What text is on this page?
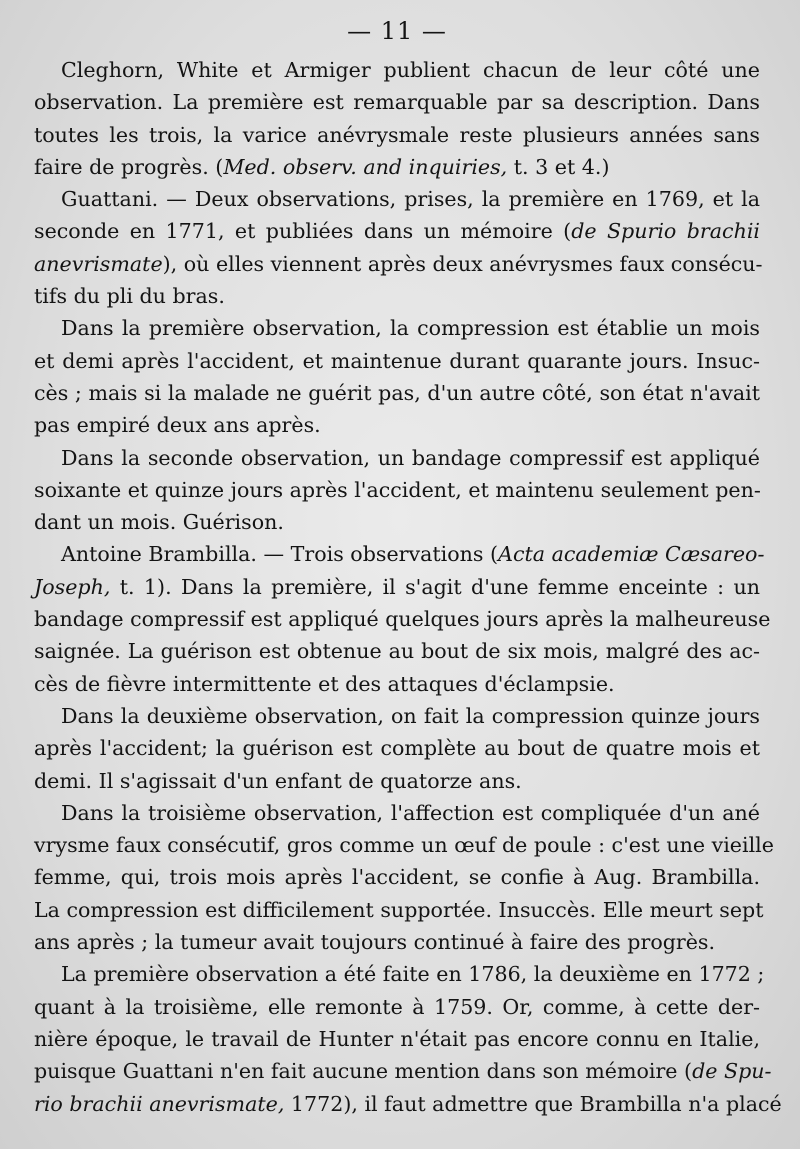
— 11 —
Cleghorn, White et Armiger publient chacun de leur côté une
observation. La première est remarquable par sa description. Dans
toutes les trois, la varice anévrysmale reste plusieurs années sans
faire de progrès. (Med. observ. and inquiries, t. 3 et 4.)
Guattani. — Deux observations, prises, la première en 1769, et la
seconde en 1771, et publiées dans un mémoire (de Spurio brachii
anevrismate), où elles viennent après deux anévrysmes faux consécu-
tifs du pli du bras.
Dans la première observation, la compression est établie un mois
et demi après l'accident, et maintenue durant quarante jours. Insuc-
cès ; mais si la malade ne guérit pas, d'un autre côté, son état n'avait
pas empiré deux ans après.
Dans la seconde observation, un bandage compressif est appliqué
soixante et quinze jours après l'accident, et maintenu seulement pen-
dant un mois. Guérison.
Antoine Brambilla. — Trois observations (Acta academiæ Cæsareo-
Joseph, t. 1). Dans la première, il s'agit d'une femme enceinte : un
bandage compressif est appliqué quelques jours après la malheureuse
saignée. La guérison est obtenue au bout de six mois, malgré des ac-
cès de fièvre intermittente et des attaques d'éclampsie.
Dans la deuxième observation, on fait la compression quinze jours
après l'accident; la guérison est complète au bout de quatre mois et
demi. Il s'agissait d'un enfant de quatorze ans.
Dans la troisième observation, l'affection est compliquée d'un ané
vrysme faux consécutif, gros comme un œuf de poule : c'est une vieille
femme, qui, trois mois après l'accident, se confie à Aug. Brambilla.
La compression est difficilement supportée. Insuccès. Elle meurt sept
ans après ; la tumeur avait toujours continué à faire des progrès.
La première observation a été faite en 1786, la deuxième en 1772 ;
quant à la troisième, elle remonte à 1759. Or, comme, à cette der-
nière époque, le travail de Hunter n'était pas encore connu en Italie,
puisque Guattani n'en fait aucune mention dans son mémoire (de Spu-
rio brachii anevrismate, 1772), il faut admettre que Brambilla n'a placé
